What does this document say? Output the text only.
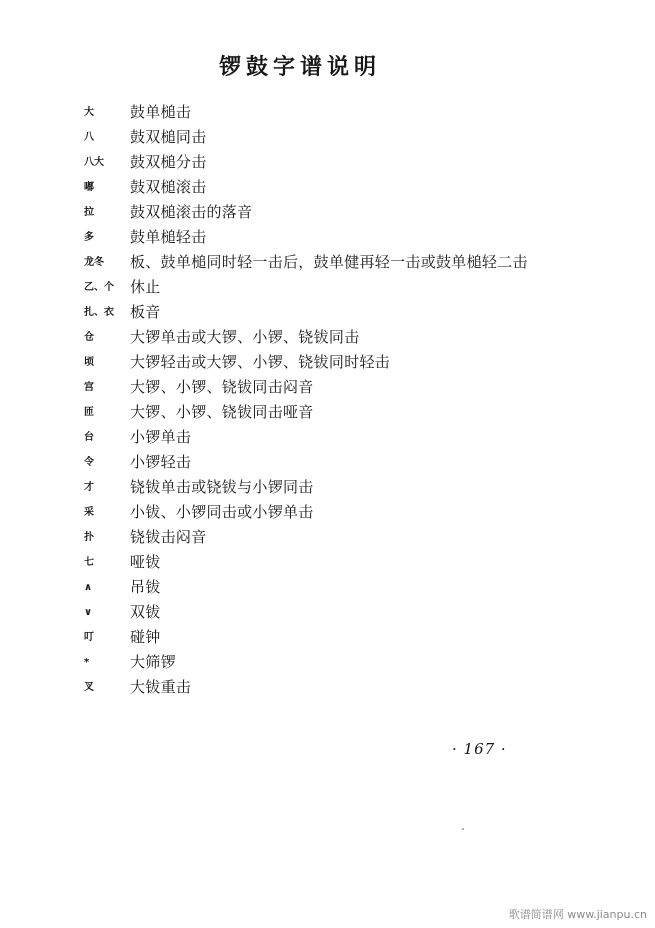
锣鼓字谱说明
大	鼓单槌击
八	鼓双槌同击
八大	鼓双槌分击
嘟	鼓双槌滚击
拉	鼓双槌滚击的落音
多	鼓单槌轻击
龙冬	板、鼓单槌同时轻一击后，鼓单健再轻一击或鼓单槌轻二击
乙、个	休止
扎、衣	板音
仓	大锣单击或大锣、小锣、铙钹同击
顷	大锣轻击或大锣、小锣、铙钹同时轻击
宫	大锣、小锣、铙钹同击闷音
匝	大锣、小锣、铙钹同击哑音
台	小锣单击
令	小锣轻击
才	铙钹单击或铙钹与小锣同击
采	小钹、小锣同击或小锣单击
扑	铙钹击闷音
七	哑钹
∧	吊钹
∨	双钹
叮	碰钟
*	大筛锣
叉	大钹重击
· 167 ·
歌谱简谱网 www.jianpu.cn
